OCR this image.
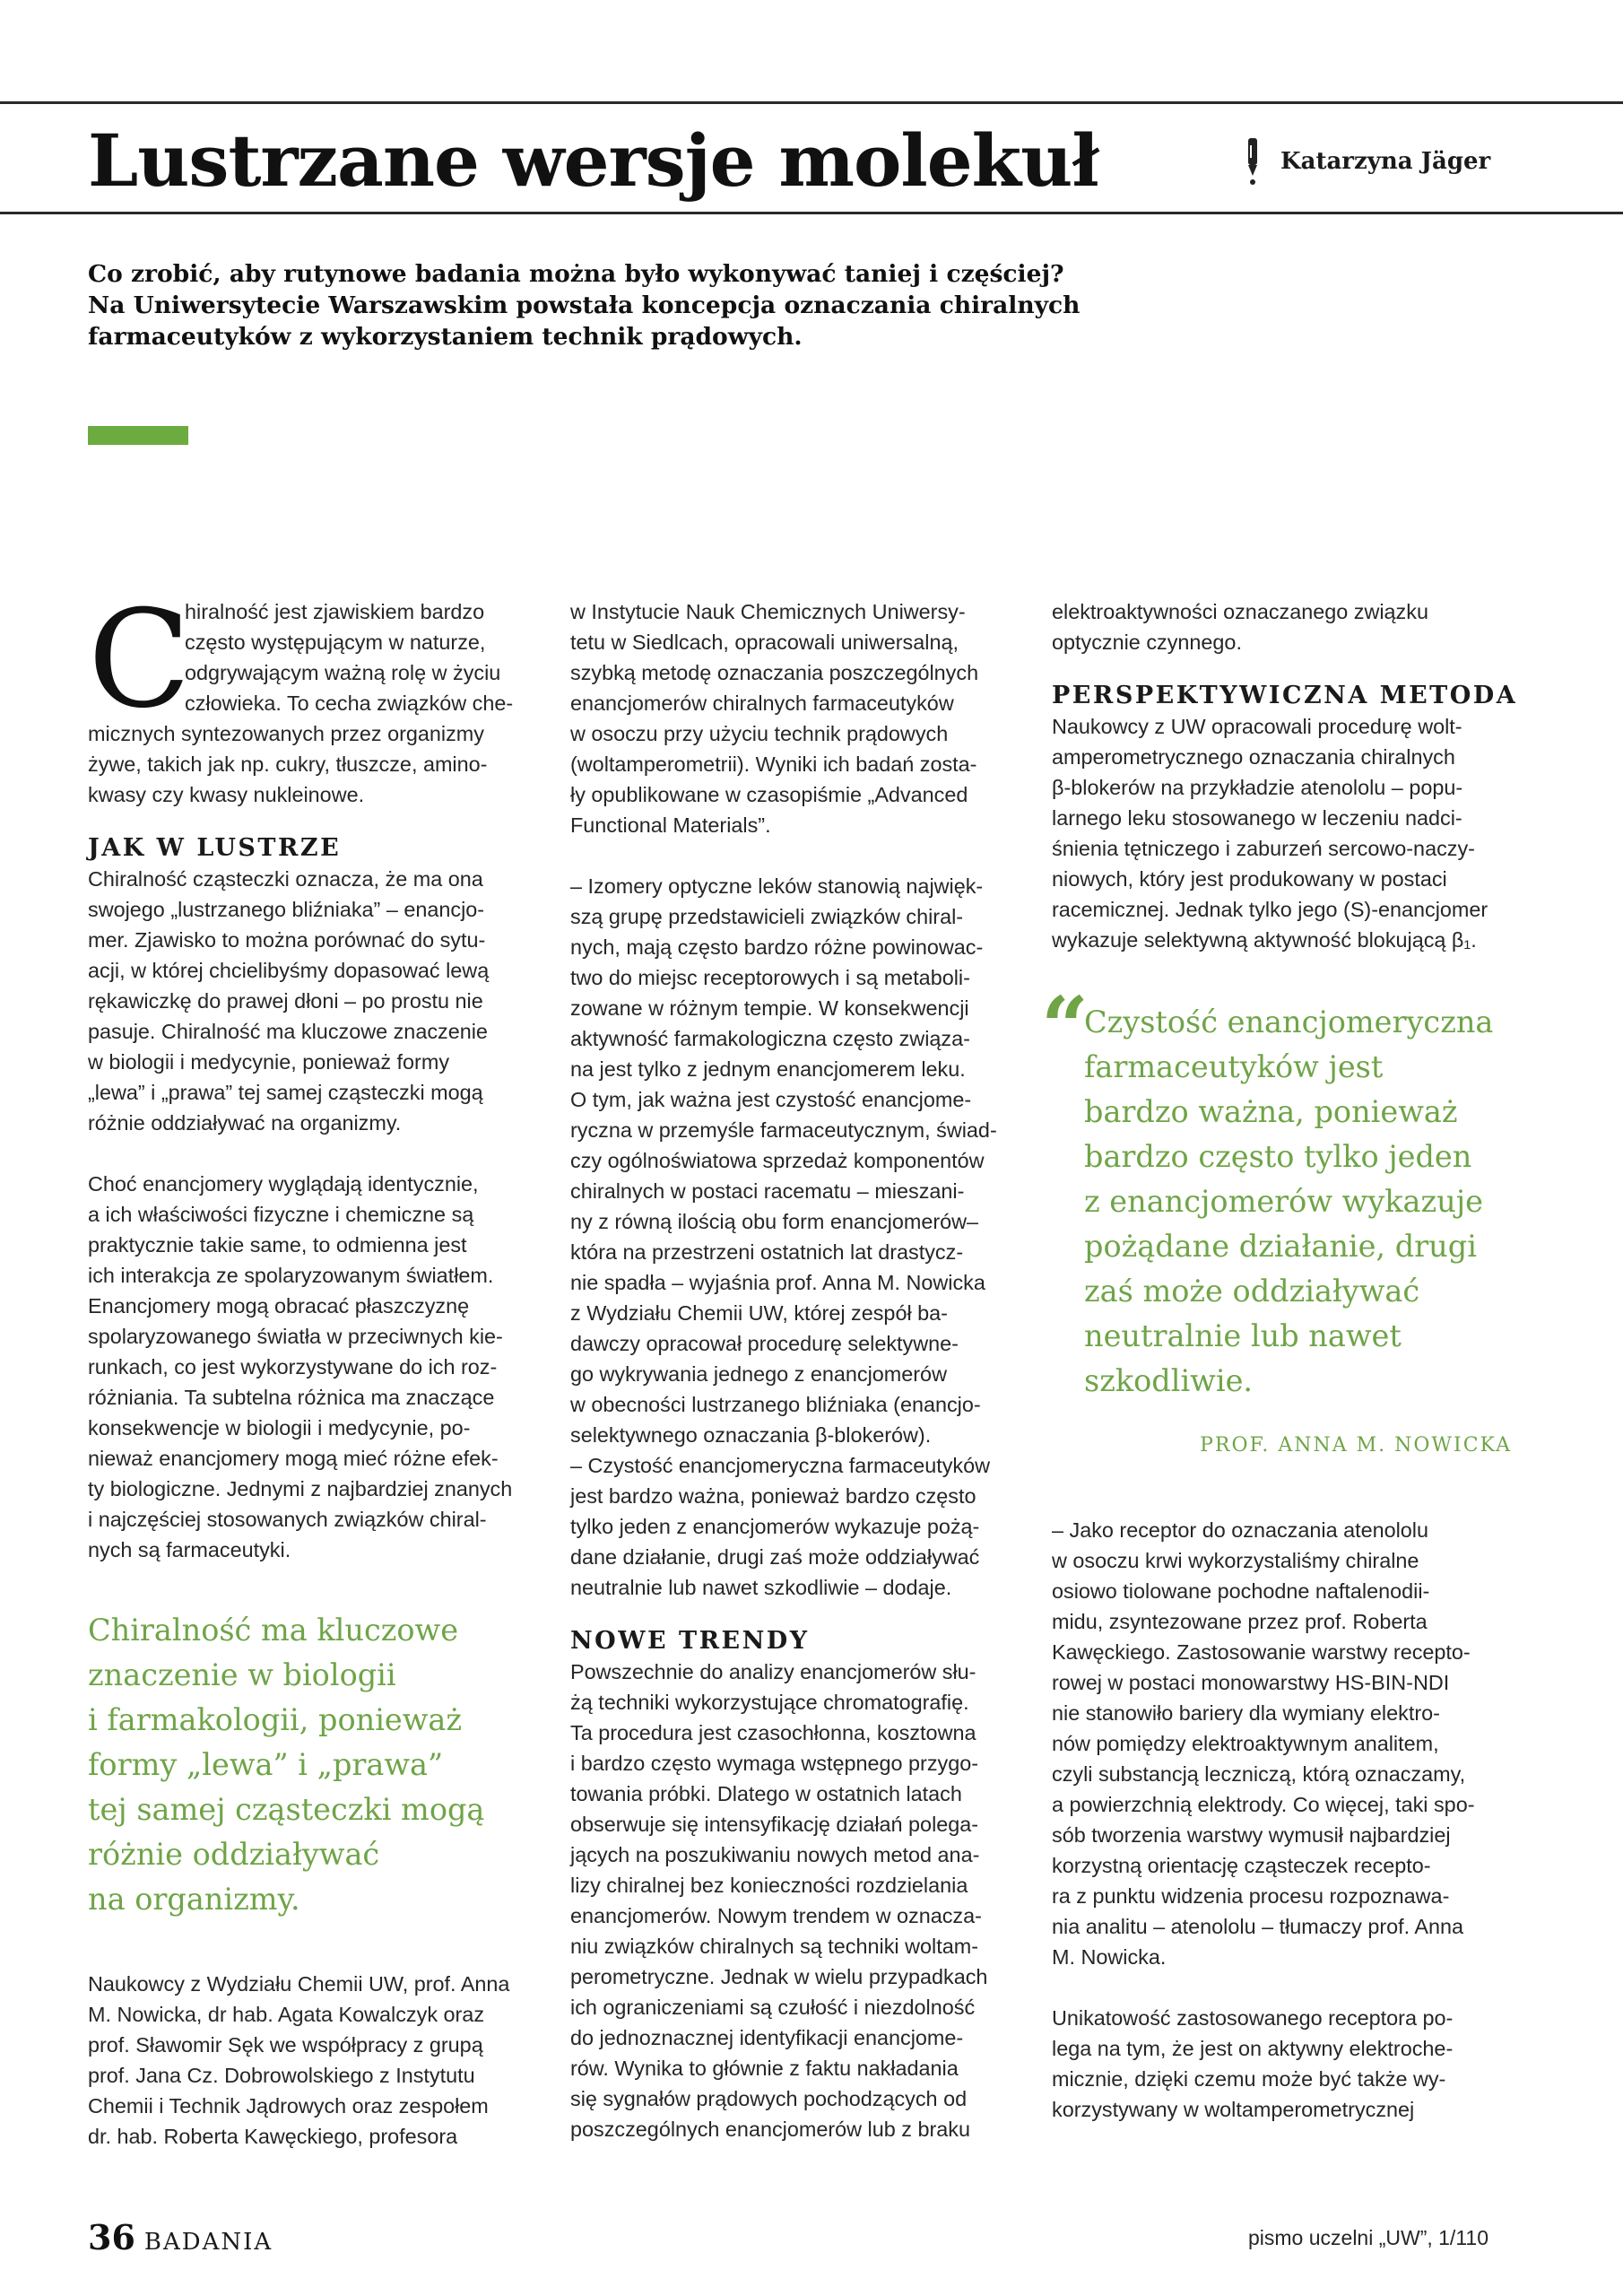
Lustrzane wersje molekuł	Katarzyna Jäger

Co zrobić, aby rutynowe badania można było wykonywać taniej i częściej?
Na Uniwersytecie Warszawskim powstała koncepcja oznaczania chiralnych
farmaceutyków z wykorzystaniem technik prądowych.

C
hiralność jest zjawiskiem bardzo
często występującym w naturze,
odgrywającym ważną rolę w życiu
człowieka. To cecha związków che-
micznych syntezowanych przez organizmy
żywe, takich jak np. cukry, tłuszcze, amino-
kwasy czy kwasy nukleinowe.
JAK W LUSTRZE
Chiralność cząsteczki oznacza, że ma ona
swojego „lustrzanego bliźniaka” – enancjo-
mer. Zjawisko to można porównać do sytu-
acji, w której chcielibyśmy dopasować lewą
rękawiczkę do prawej dłoni – po prostu nie
pasuje. Chiralność ma kluczowe znaczenie
w biologii i medycynie, ponieważ formy
„lewa” i „prawa” tej samej cząsteczki mogą
różnie oddziaływać na organizmy.
Choć enancjomery wyglądają identycznie,
a ich właściwości fizyczne i chemiczne są
praktycznie takie same, to odmienna jest
ich interakcja ze spolaryzowanym światłem.
Enancjomery mogą obracać płaszczyznę
spolaryzowanego światła w przeciwnych kie-
runkach, co jest wykorzystywane do ich roz-
różniania. Ta subtelna różnica ma znaczące
konsekwencje w biologii i medycynie, po-
nieważ enancjomery mogą mieć różne efek-
ty biologiczne. Jednymi z najbardziej znanych
i najczęściej stosowanych związków chiral-
nych są farmaceutyki.
Chiralność ma kluczowe
znaczenie w biologii
i farmakologii, ponieważ
formy „lewa” i „prawa”
tej samej cząsteczki mogą
różnie oddziaływać
na organizmy.
Naukowcy z Wydziału Chemii UW, prof. Anna
M. Nowicka, dr hab. Agata Kowalczyk oraz
prof. Sławomir Sęk we współpracy z grupą
prof. Jana Cz. Dobrowolskiego z Instytutu
Chemii i Technik Jądrowych oraz zespołem
dr. hab. Roberta Kawęckiego, profesora
w Instytucie Nauk Chemicznych Uniwersy-
tetu w Siedlcach, opracowali uniwersalną,
szybką metodę oznaczania poszczególnych
enancjomerów chiralnych farmaceutyków
w osoczu przy użyciu technik prądowych
(woltamperometrii). Wyniki ich badań zosta-
ły opublikowane w czasopiśmie „Advanced
Functional Materials”.
– Izomery optyczne leków stanowią najwięk-
szą grupę przedstawicieli związków chiral-
nych, mają często bardzo różne powinowac-
two do miejsc receptorowych i są metaboli-
zowane w różnym tempie. W konsekwencji
aktywność farmakologiczna często związa-
na jest tylko z jednym enancjomerem leku.
O tym, jak ważna jest czystość enancjome-
ryczna w przemyśle farmaceutycznym, świad-
czy ogólnoświatowa sprzedaż komponentów
chiralnych w postaci racematu – mieszani-
ny z równą ilością obu form enancjomerów–
która na przestrzeni ostatnich lat drastycz-
nie spadła – wyjaśnia prof. Anna M. Nowicka
z Wydziału Chemii UW, której zespół ba-
dawczy opracował procedurę selektywne-
go wykrywania jednego z enancjomerów
w obecności lustrzanego bliźniaka (enancjo-
selektywnego oznaczania β-blokerów).
– Czystość enancjomeryczna farmaceutyków
jest bardzo ważna, ponieważ bardzo często
tylko jeden z enancjomerów wykazuje pożą-
dane działanie, drugi zaś może oddziaływać
neutralnie lub nawet szkodliwie – dodaje.
NOWE TRENDY
Powszechnie do analizy enancjomerów słu-
żą techniki wykorzystujące chromatografię.
Ta procedura jest czasochłonna, kosztowna
i bardzo często wymaga wstępnego przygo-
towania próbki. Dlatego w ostatnich latach
obserwuje się intensyfikację działań polega-
jących na poszukiwaniu nowych metod ana-
lizy chiralnej bez konieczności rozdzielania
enancjomerów. Nowym trendem w oznacza-
niu związków chiralnych są techniki woltam-
perometryczne. Jednak w wielu przypadkach
ich ograniczeniami są czułość i niezdolność
do jednoznacznej identyfikacji enancjome-
rów. Wynika to głównie z faktu nakładania
się sygnałów prądowych pochodzących od
poszczególnych enancjomerów lub z braku
elektroaktywności oznaczanego związku
optycznie czynnego.
PERSPEKTYWICZNA METODA
Naukowcy z UW opracowali procedurę wolt-
amperometrycznego oznaczania chiralnych
β-blokerów na przykładzie atenololu – popu-
larnego leku stosowanego w leczeniu nadci-
śnienia tętniczego i zaburzeń sercowo-naczy-
niowych, który jest produkowany w postaci
racemicznej. Jednak tylko jego (S)-enancjomer
wykazuje selektywną aktywność blokującą β₁.
“
Czystość enancjomeryczna
farmaceutyków jest
bardzo ważna, ponieważ
bardzo często tylko jeden
z enancjomerów wykazuje
pożądane działanie, drugi
zaś może oddziaływać
neutralnie lub nawet
szkodliwie.
PROF. ANNA M. NOWICKA
– Jako receptor do oznaczania atenololu
w osoczu krwi wykorzystaliśmy chiralne
osiowo tiolowane pochodne naftalenodii-
midu, zsyntezowane przez prof. Roberta
Kawęckiego. Zastosowanie warstwy recepto-
rowej w postaci monowarstwy HS-BIN-NDI
nie stanowiło bariery dla wymiany elektro-
nów pomiędzy elektroaktywnym analitem,
czyli substancją leczniczą, którą oznaczamy,
a powierzchnią elektrody. Co więcej, taki spo-
sób tworzenia warstwy wymusił najbardziej
korzystną orientację cząsteczek recepto-
ra z punktu widzenia procesu rozpoznawa-
nia analitu – atenololu – tłumaczy prof. Anna
M. Nowicka.
Unikatowość zastosowanego receptora po-
lega na tym, że jest on aktywny elektroche-
micznie, dzięki czemu może być także wy-
korzystywany w woltamperometrycznej
36 BADANIA	pismo uczelni „UW”, 1/110
